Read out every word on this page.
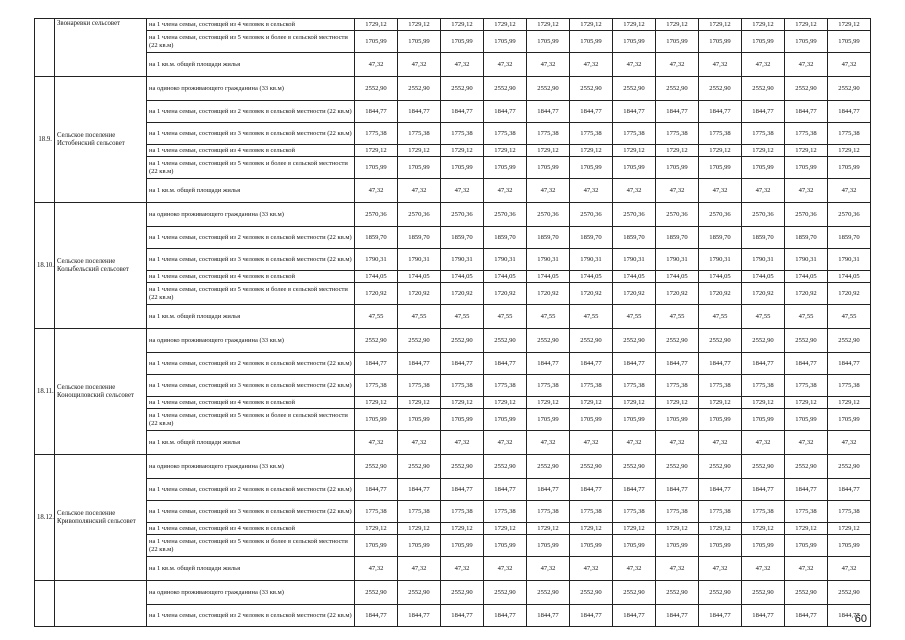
	Звонаревки сельсовет	на 1 члена семьи, состоящей из 4 человек в сельской	1729,12	1729,12	1729,12	1729,12	1729,12	1729,12	1729,12	1729,12	1729,12	1729,12	1729,12	1729,12
		на 1 члена семьи, состоящей из 5 человек и более в сельской местности (22 кв.м)	1705,99	1705,99	1705,99	1705,99	1705,99	1705,99	1705,99	1705,99	1705,99	1705,99	1705,99	1705,99
		на 1 кв.м. общей площади жилья	47,32	47,32	47,32	47,32	47,32	47,32	47,32	47,32	47,32	47,32	47,32	47,32
18.9.	Сельское поселение Истобенский сельсовет	на одиноко проживающего гражданина (33 кв.м)	2552,90	2552,90	2552,90	2552,90	2552,90	2552,90	2552,90	2552,90	2552,90	2552,90	2552,90	2552,90
		на 1 члена семьи, состоящей из 2 человек в сельской местности (22 кв.м)	1844,77	1844,77	1844,77	1844,77	1844,77	1844,77	1844,77	1844,77	1844,77	1844,77	1844,77	1844,77
		на 1 члена семьи, состоящей из 3 человек в сельской местности (22 кв.м)	1775,38	1775,38	1775,38	1775,38	1775,38	1775,38	1775,38	1775,38	1775,38	1775,38	1775,38	1775,38
		на 1 члена семьи, состоящей из 4 человек в сельской	1729,12	1729,12	1729,12	1729,12	1729,12	1729,12	1729,12	1729,12	1729,12	1729,12	1729,12	1729,12
		на 1 члена семьи, состоящей из 5 человек и более в сельской местности (22 кв.м)	1705,99	1705,99	1705,99	1705,99	1705,99	1705,99	1705,99	1705,99	1705,99	1705,99	1705,99	1705,99
		на 1 кв.м. общей площади жилья	47,32	47,32	47,32	47,32	47,32	47,32	47,32	47,32	47,32	47,32	47,32	47,32
18.10.	Сельское поселение Колыбельский сельсовет	на одиноко проживающего гражданина (33 кв.м)	2570,36	2570,36	2570,36	2570,36	2570,36	2570,36	2570,36	2570,36	2570,36	2570,36	2570,36	2570,36
		на 1 члена семьи, состоящей из 2 человек в сельской местности (22 кв.м)	1859,70	1859,70	1859,70	1859,70	1859,70	1859,70	1859,70	1859,70	1859,70	1859,70	1859,70	1859,70
		на 1 члена семьи, состоящей из 3 человек в сельской местности (22 кв.м)	1790,31	1790,31	1790,31	1790,31	1790,31	1790,31	1790,31	1790,31	1790,31	1790,31	1790,31	1790,31
		на 1 члена семьи, состоящей из 4 человек в сельской	1744,05	1744,05	1744,05	1744,05	1744,05	1744,05	1744,05	1744,05	1744,05	1744,05	1744,05	1744,05
		на 1 члена семьи, состоящей из 5 человек и более в сельской местности (22 кв.м)	1720,92	1720,92	1720,92	1720,92	1720,92	1720,92	1720,92	1720,92	1720,92	1720,92	1720,92	1720,92
		на 1 кв.м. общей площади жилья	47,55	47,55	47,55	47,55	47,55	47,55	47,55	47,55	47,55	47,55	47,55	47,55
18.11.	Сельское поселение Конощиловский сельсовет	на одиноко проживающего гражданина (33 кв.м)	2552,90	2552,90	2552,90	2552,90	2552,90	2552,90	2552,90	2552,90	2552,90	2552,90	2552,90	2552,90
		на 1 члена семьи, состоящей из 2 человек в сельской местности (22 кв.м)	1844,77	1844,77	1844,77	1844,77	1844,77	1844,77	1844,77	1844,77	1844,77	1844,77	1844,77	1844,77
		на 1 члена семьи, состоящей из 3 человек в сельской местности (22 кв.м)	1775,38	1775,38	1775,38	1775,38	1775,38	1775,38	1775,38	1775,38	1775,38	1775,38	1775,38	1775,38
		на 1 члена семьи, состоящей из 4 человек в сельской	1729,12	1729,12	1729,12	1729,12	1729,12	1729,12	1729,12	1729,12	1729,12	1729,12	1729,12	1729,12
		на 1 члена семьи, состоящей из 5 человек и более в сельской местности (22 кв.м)	1705,99	1705,99	1705,99	1705,99	1705,99	1705,99	1705,99	1705,99	1705,99	1705,99	1705,99	1705,99
		на 1 кв.м. общей площади жилья	47,32	47,32	47,32	47,32	47,32	47,32	47,32	47,32	47,32	47,32	47,32	47,32
18.12.	Сельское поселение Кривополянский сельсовет	на одиноко проживающего гражданина (33 кв.м)	2552,90	2552,90	2552,90	2552,90	2552,90	2552,90	2552,90	2552,90	2552,90	2552,90	2552,90	2552,90
		на 1 члена семьи, состоящей из 2 человек в сельской местности (22 кв.м)	1844,77	1844,77	1844,77	1844,77	1844,77	1844,77	1844,77	1844,77	1844,77	1844,77	1844,77	1844,77
		на 1 члена семьи, состоящей из 3 человек в сельской местности (22 кв.м)	1775,38	1775,38	1775,38	1775,38	1775,38	1775,38	1775,38	1775,38	1775,38	1775,38	1775,38	1775,38
		на 1 члена семьи, состоящей из 4 человек в сельской	1729,12	1729,12	1729,12	1729,12	1729,12	1729,12	1729,12	1729,12	1729,12	1729,12	1729,12	1729,12
		на 1 члена семьи, состоящей из 5 человек и более в сельской местности (22 кв.м)	1705,99	1705,99	1705,99	1705,99	1705,99	1705,99	1705,99	1705,99	1705,99	1705,99	1705,99	1705,99
		на 1 кв.м. общей площади жилья	47,32	47,32	47,32	47,32	47,32	47,32	47,32	47,32	47,32	47,32	47,32	47,32
		на одиноко проживающего гражданина (33 кв.м)	2552,90	2552,90	2552,90	2552,90	2552,90	2552,90	2552,90	2552,90	2552,90	2552,90	2552,90	2552,90
		на 1 члена семьи, состоящей из 2 человек в сельской местности (22 кв.м)	1844,77	1844,77	1844,77	1844,77	1844,77	1844,77	1844,77	1844,77	1844,77	1844,77	1844,77	1844,77
60
